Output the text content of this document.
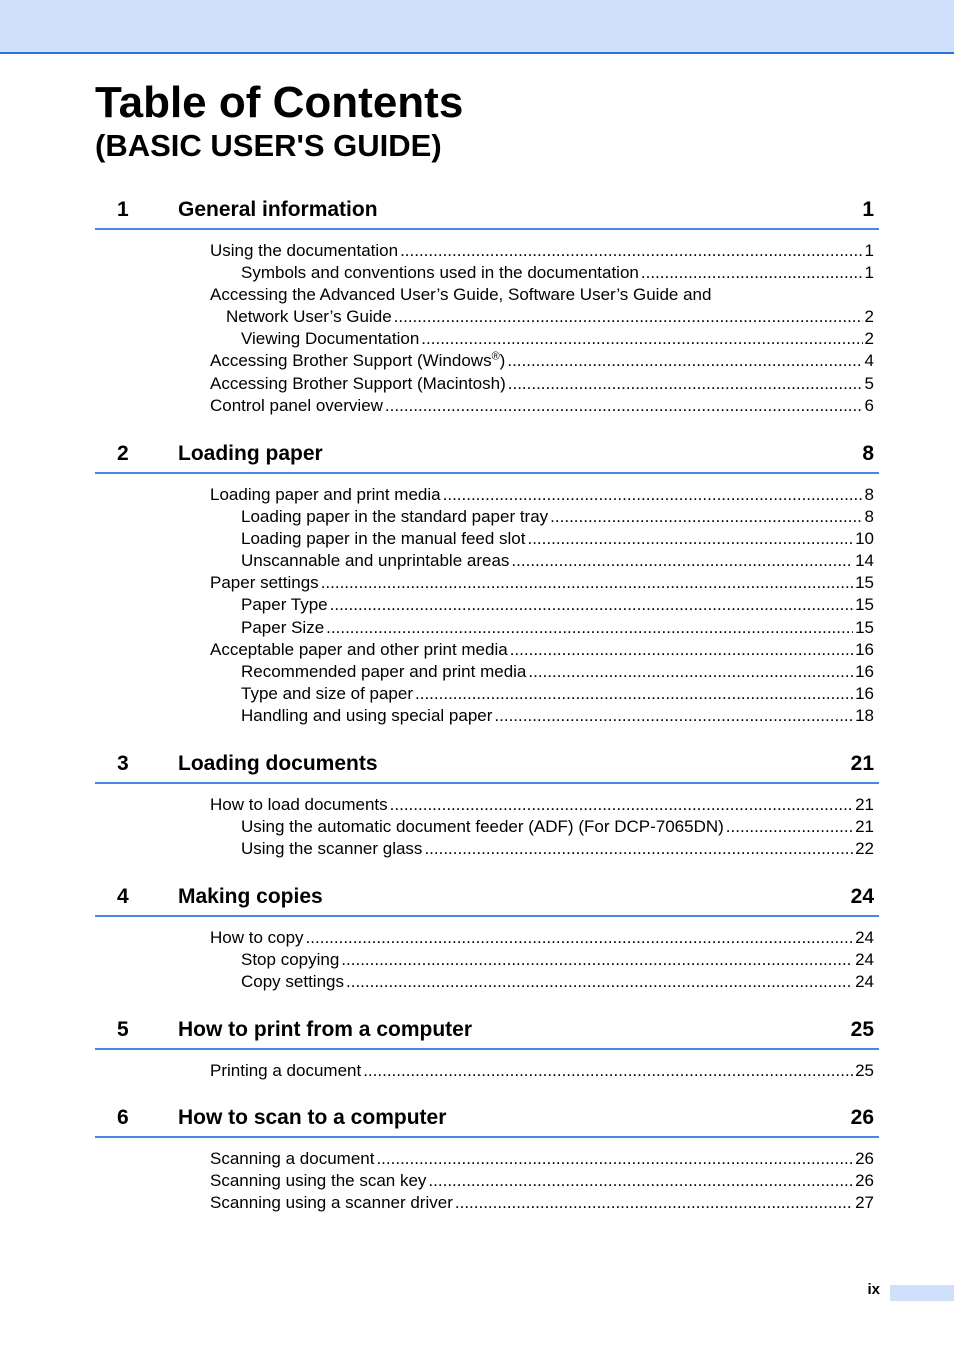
Table of Contents
(BASIC USER'S GUIDE)
1 General information	1
Using the documentation .....	1
Symbols and conventions used in the documentation .....	1
Accessing the Advanced User’s Guide, Software User’s Guide and
Network User’s Guide .....	2
Viewing Documentation .....	2
Accessing Brother Support (Windows®) .....	4
Accessing Brother Support (Macintosh) .....	5
Control panel overview .....	6
2 Loading paper	8
Loading paper and print media .....	8
Loading paper in the standard paper tray .....	8
Loading paper in the manual feed slot .....	10
Unscannable and unprintable areas .....	14
Paper settings .....	15
Paper Type .....	15
Paper Size .....	15
Acceptable paper and other print media .....	16
Recommended paper and print media .....	16
Type and size of paper .....	16
Handling and using special paper .....	18
3 Loading documents	21
How to load documents .....	21
Using the automatic document feeder (ADF) (For DCP-7065DN) .....	21
Using the scanner glass .....	22
4 Making copies	24
How to copy .....	24
Stop copying .....	24
Copy settings .....	24
5 How to print from a computer	25
Printing a document .....	25
6 How to scan to a computer	26
Scanning a document .....	26
Scanning using the scan key .....	26
Scanning using a scanner driver .....	27
ix
